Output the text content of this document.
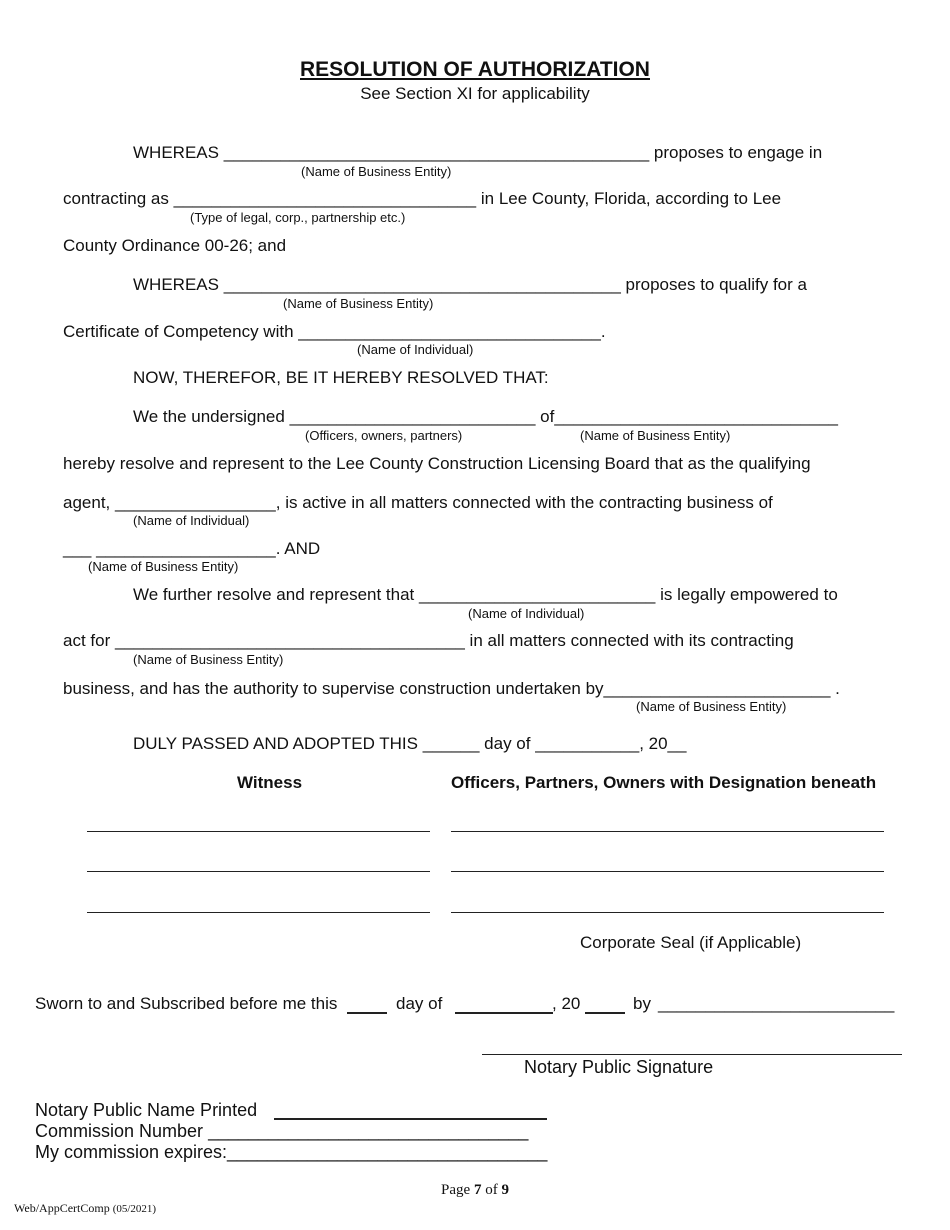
RESOLUTION OF AUTHORIZATION
See Section XI for applicability
WHEREAS _____________________________________________ proposes to engage in
(Name of Business Entity)
contracting as ________________________________ in Lee County, Florida, according to Lee
(Type of legal, corp., partnership etc.)
County Ordinance 00-26; and
WHEREAS __________________________________________ proposes to qualify for a
(Name of Business Entity)
Certificate of Competency with ________________________________.
(Name of Individual)
NOW, THEREFOR, BE IT HEREBY RESOLVED THAT:
We the undersigned __________________________ of______________________________
(Officers, owners, partners)	(Name of Business Entity)
hereby resolve and represent to the Lee County Construction Licensing Board that as the qualifying
agent, _________________, is active in all matters connected with the contracting business of
(Name of Individual)
___ ___________________. AND
(Name of Business Entity)
We further resolve and represent that _________________________ is legally empowered to
(Name of Individual)
act for _____________________________________ in all matters connected with its contracting
(Name of Business Entity)
business, and has the authority to supervise construction undertaken by________________________ .
(Name of Business Entity)
DULY PASSED AND ADOPTED THIS ______ day of ___________, 20__
Witness	Officers, Partners, Owners with Designation beneath
Corporate Seal (if Applicable)
Sworn to and Subscribed before me this	day of	, 20	by _________________________
Notary Public Signature
Notary Public Name Printed
Commission Number ________________________________
My commission expires:________________________________
Page 7 of 9
Web/AppCertComp (05/2021)
